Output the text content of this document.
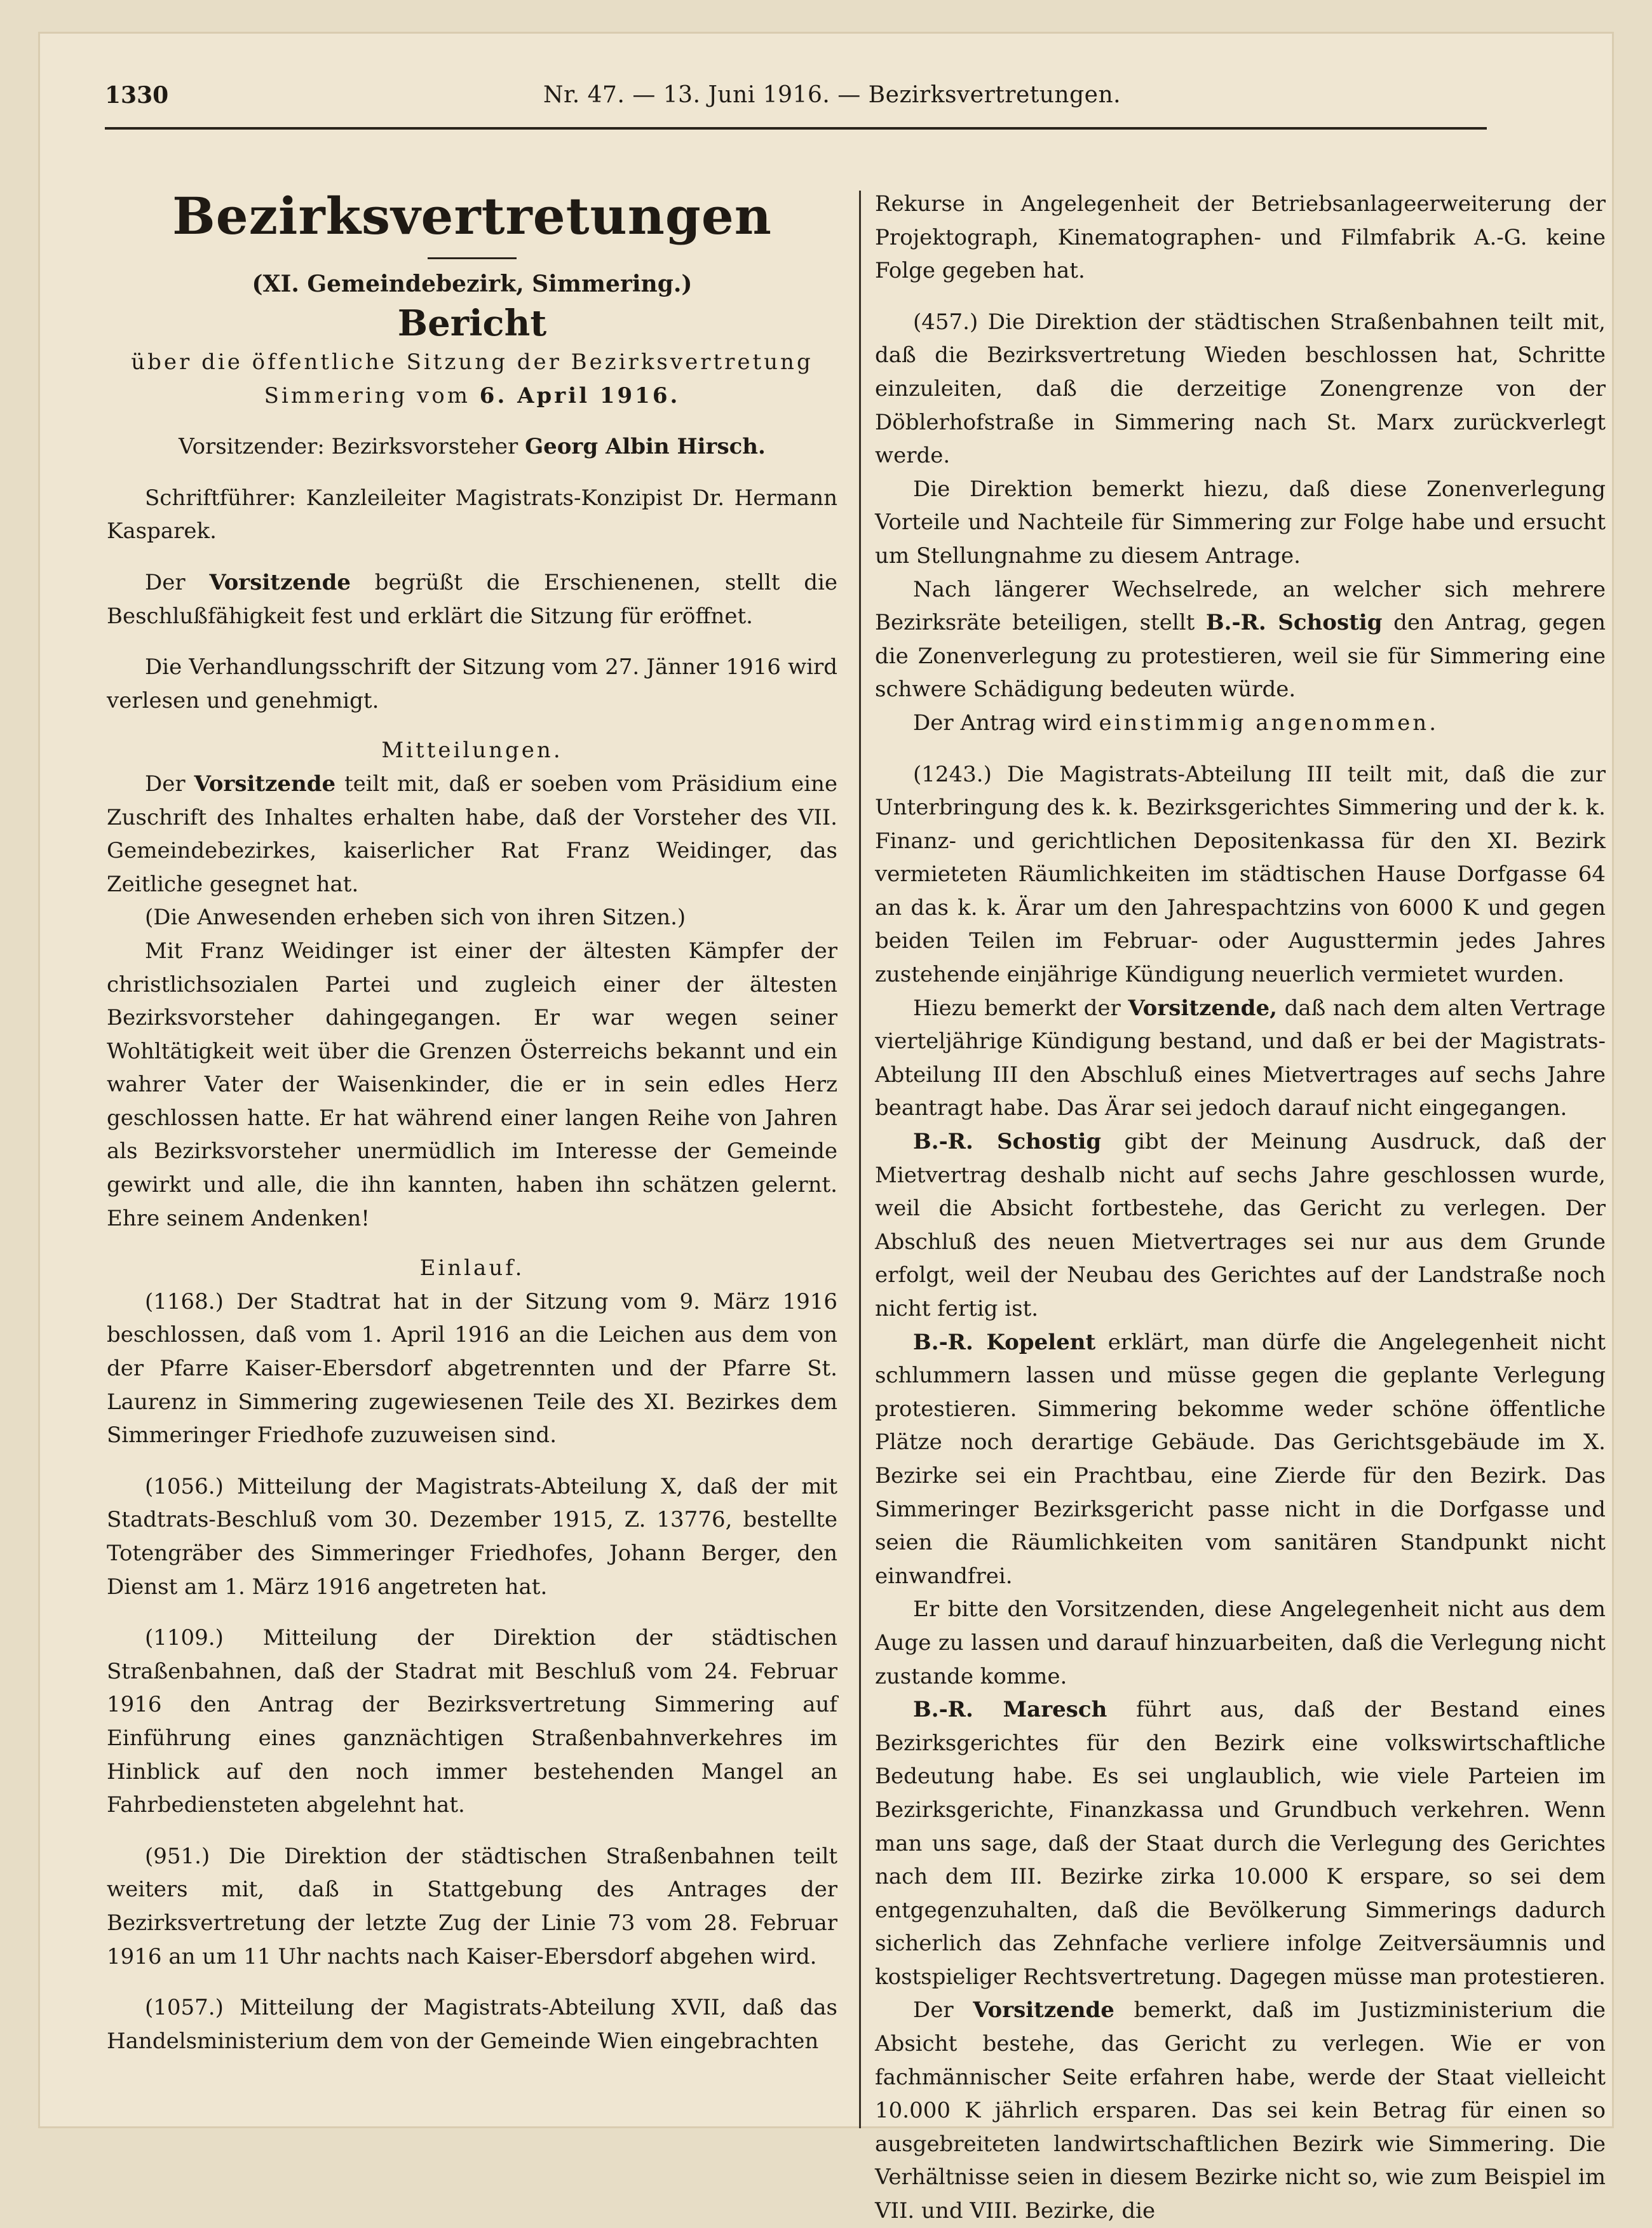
1330	Nr. 47. — 13. Juni 1916. — Bezirksvertretungen.

Bezirksvertretungen

(XI. Gemeindebezirk, Simmering.)

Bericht

über die öffentliche Sitzung der Bezirksvertretung

Simmering vom 6. April 1916.

Vorsitzender: Bezirksvorsteher Georg Albin Hirsch.

Schriftführer: Kanzleileiter Magistrats-Konzipist Dr. Hermann Kasparek.

Der Vorsitzende begrüßt die Erschienenen, stellt die Beschlußfähigkeit fest und erklärt die Sitzung für eröffnet.

Die Verhandlungsschrift der Sitzung vom 27. Jänner 1916 wird verlesen und genehmigt.

Mitteilungen.

Der Vorsitzende teilt mit, daß er soeben vom Präsidium eine Zuschrift des Inhaltes erhalten habe, daß der Vorsteher des VII. Gemeindebezirkes, kaiserlicher Rat Franz Weidinger, das Zeitliche gesegnet hat.

(Die Anwesenden erheben sich von ihren Sitzen.)

Mit Franz Weidinger ist einer der ältesten Kämpfer der christlichsozialen Partei und zugleich einer der ältesten Bezirksvorsteher dahingegangen. Er war wegen seiner Wohltätigkeit weit über die Grenzen Österreichs bekannt und ein wahrer Vater der Waisenkinder, die er in sein edles Herz geschlossen hatte. Er hat während einer langen Reihe von Jahren als Bezirksvorsteher unermüdlich im Interesse der Gemeinde gewirkt und alle, die ihn kannten, haben ihn schätzen gelernt. Ehre seinem Andenken!

Einlauf.

(1168.) Der Stadtrat hat in der Sitzung vom 9. März 1916 beschlossen, daß vom 1. April 1916 an die Leichen aus dem von der Pfarre Kaiser-Ebersdorf abgetrennten und der Pfarre St. Laurenz in Simmering zugewiesenen Teile des XI. Bezirkes dem Simmeringer Friedhofe zuzuweisen sind.

(1056.) Mitteilung der Magistrats-Abteilung X, daß der mit Stadtrats-Beschluß vom 30. Dezember 1915, Z. 13776, bestellte Totengräber des Simmeringer Friedhofes, Johann Berger, den Dienst am 1. März 1916 angetreten hat.

(1109.) Mitteilung der Direktion der städtischen Straßenbahnen, daß der Stadrat mit Beschluß vom 24. Februar 1916 den Antrag der Bezirksvertretung Simmering auf Einführung eines ganznächtigen Straßenbahnverkehres im Hinblick auf den noch immer bestehenden Mangel an Fahrbediensteten abgelehnt hat.

(951.) Die Direktion der städtischen Straßenbahnen teilt weiters mit, daß in Stattgebung des Antrages der Bezirksvertretung der letzte Zug der Linie 73 vom 28. Februar 1916 an um 11 Uhr nachts nach Kaiser-Ebersdorf abgehen wird.

(1057.) Mitteilung der Magistrats-Abteilung XVII, daß das Handelsministerium dem von der Gemeinde Wien eingebrachten

Rekurse in Angelegenheit der Betriebsanlageerweiterung der Projektograph, Kinematographen- und Filmfabrik A.-G. keine Folge gegeben hat.

(457.) Die Direktion der städtischen Straßenbahnen teilt mit, daß die Bezirksvertretung Wieden beschlossen hat, Schritte einzuleiten, daß die derzeitige Zonengrenze von der Döblerhofstraße in Simmering nach St. Marx zurückverlegt werde.

Die Direktion bemerkt hiezu, daß diese Zonenverlegung Vorteile und Nachteile für Simmering zur Folge habe und ersucht um Stellungnahme zu diesem Antrage.

Nach längerer Wechselrede, an welcher sich mehrere Bezirksräte beteiligen, stellt B.-R. Schostig den Antrag, gegen die Zonenverlegung zu protestieren, weil sie für Simmering eine schwere Schädigung bedeuten würde.

Der Antrag wird einstimmig angenommen.

(1243.) Die Magistrats-Abteilung III teilt mit, daß die zur Unterbringung des k. k. Bezirksgerichtes Simmering und der k. k. Finanz- und gerichtlichen Depositenkassa für den XI. Bezirk vermieteten Räumlichkeiten im städtischen Hause Dorfgasse 64 an das k. k. Ärar um den Jahrespachtzins von 6000 K und gegen beiden Teilen im Februar- oder Augusttermin jedes Jahres zustehende einjährige Kündigung neuerlich vermietet wurden.

Hiezu bemerkt der Vorsitzende, daß nach dem alten Vertrage vierteljährige Kündigung bestand, und daß er bei der Magistrats-Abteilung III den Abschluß eines Mietvertrages auf sechs Jahre beantragt habe. Das Ärar sei jedoch darauf nicht eingegangen.

B.-R. Schostig gibt der Meinung Ausdruck, daß der Mietvertrag deshalb nicht auf sechs Jahre geschlossen wurde, weil die Absicht fortbestehe, das Gericht zu verlegen. Der Abschluß des neuen Mietvertrages sei nur aus dem Grunde erfolgt, weil der Neubau des Gerichtes auf der Landstraße noch nicht fertig ist.

B.-R. Kopelent erklärt, man dürfe die Angelegenheit nicht schlummern lassen und müsse gegen die geplante Verlegung protestieren. Simmering bekomme weder schöne öffentliche Plätze noch derartige Gebäude. Das Gerichtsgebäude im X. Bezirke sei ein Prachtbau, eine Zierde für den Bezirk. Das Simmeringer Bezirksgericht passe nicht in die Dorfgasse und seien die Räumlichkeiten vom sanitären Standpunkt nicht einwandfrei.

Er bitte den Vorsitzenden, diese Angelegenheit nicht aus dem Auge zu lassen und darauf hinzuarbeiten, daß die Verlegung nicht zustande komme.

B.-R. Maresch führt aus, daß der Bestand eines Bezirksgerichtes für den Bezirk eine volkswirtschaftliche Bedeutung habe. Es sei unglaublich, wie viele Parteien im Bezirksgerichte, Finanzkassa und Grundbuch verkehren. Wenn man uns sage, daß der Staat durch die Verlegung des Gerichtes nach dem III. Bezirke zirka 10.000 K erspare, so sei dem entgegenzuhalten, daß die Bevölkerung Simmerings dadurch sicherlich das Zehnfache verliere infolge Zeitversäumnis und kostspieliger Rechtsvertretung. Dagegen müsse man protestieren.

Der Vorsitzende bemerkt, daß im Justizministerium die Absicht bestehe, das Gericht zu verlegen. Wie er von fachmännischer Seite erfahren habe, werde der Staat vielleicht 10.000 K jährlich ersparen. Das sei kein Betrag für einen so ausgebreiteten landwirtschaftlichen Bezirk wie Simmering. Die Verhältnisse seien in diesem Bezirke nicht so, wie zum Beispiel im VII. und VIII. Bezirke, die
